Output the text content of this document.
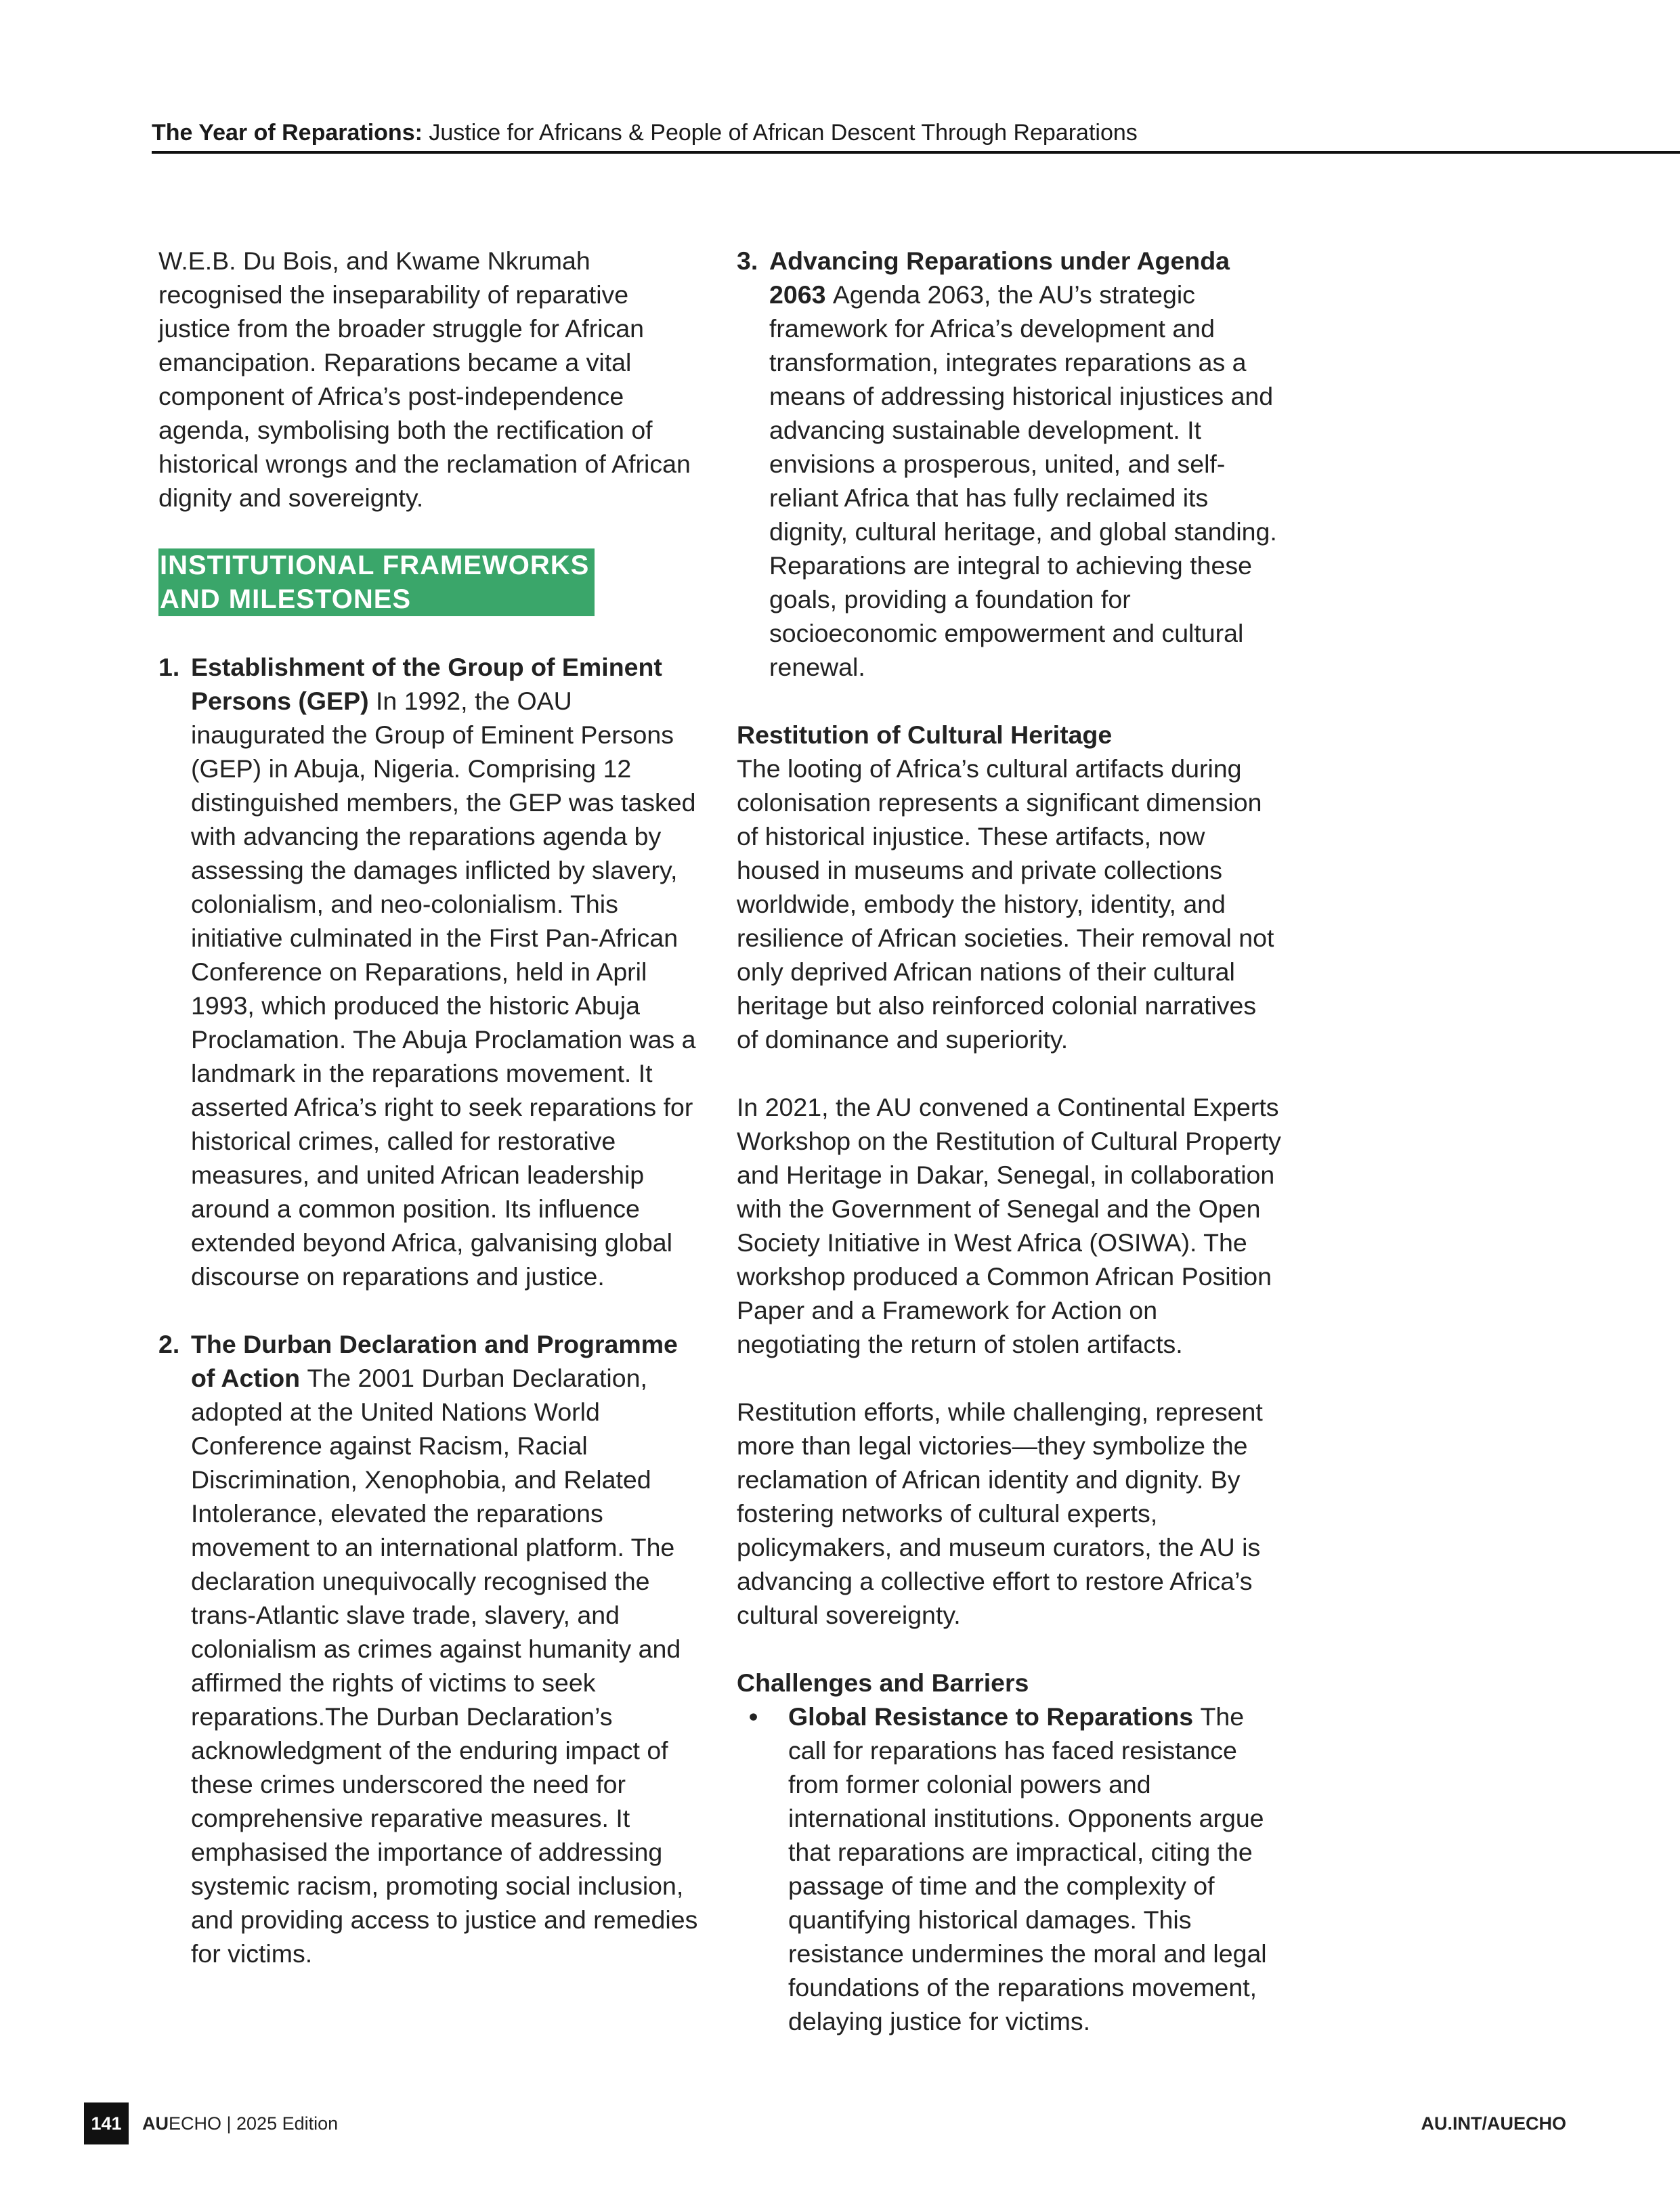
The Year of Reparations: Justice for Africans & People of African Descent Through Reparations

W.E.B. Du Bois, and Kwame Nkrumah recognised the inseparability of reparative justice from the broader struggle for African emancipation. Reparations became a vital component of Africa’s post-independence agenda, symbolising both the rectification of historical wrongs and the reclamation of African dignity and sovereignty.

INSTITUTIONAL FRAMEWORKS
AND MILESTONES
1. Establishment of the Group of Eminent Persons (GEP) In 1992, the OAU inaugurated the Group of Eminent Persons (GEP) in Abuja, Nigeria. Comprising 12 distinguished members, the GEP was tasked with advancing the reparations agenda by assessing the damages inflicted by slavery, colonialism, and neo-colonialism. This initiative culminated in the First Pan-African Conference on Reparations, held in April 1993, which produced the historic Abuja Proclamation. The Abuja Proclamation was a landmark in the reparations movement. It asserted Africa’s right to seek reparations for historical crimes, called for restorative measures, and united African leadership around a common position. Its influence extended beyond Africa, galvanising global discourse on reparations and justice.
2. The Durban Declaration and Programme of Action The 2001 Durban Declaration, adopted at the United Nations World Conference against Racism, Racial Discrimination, Xenophobia, and Related Intolerance, elevated the reparations movement to an international platform. The declaration unequivocally recognised the trans-Atlantic slave trade, slavery, and colonialism as crimes against humanity and affirmed the rights of victims to seek reparations.The Durban Declaration’s acknowledgment of the enduring impact of these crimes underscored the need for comprehensive reparative measures. It emphasised the importance of addressing systemic racism, promoting social inclusion, and providing access to justice and remedies for victims.
3. Advancing Reparations under Agenda 2063 Agenda 2063, the AU’s strategic framework for Africa’s development and transformation, integrates reparations as a means of addressing historical injustices and advancing sustainable development. It envisions a prosperous, united, and self-reliant Africa that has fully reclaimed its dignity, cultural heritage, and global standing. Reparations are integral to achieving these goals, providing a foundation for socioeconomic empowerment and cultural renewal.

Restitution of Cultural Heritage

The looting of Africa’s cultural artifacts during colonisation represents a significant dimension of historical injustice. These artifacts, now housed in museums and private collections worldwide, embody the history, identity, and resilience of African societies. Their removal not only deprived African nations of their cultural heritage but also reinforced colonial narratives of dominance and superiority.

In 2021, the AU convened a Continental Experts Workshop on the Restitution of Cultural Property and Heritage in Dakar, Senegal, in collaboration with the Government of Senegal and the Open Society Initiative in West Africa (OSIWA). The workshop produced a Common African Position Paper and a Framework for Action on negotiating the return of stolen artifacts.

Restitution efforts, while challenging, represent more than legal victories—they symbolize the reclamation of African identity and dignity. By fostering networks of cultural experts, policymakers, and museum curators, the AU is advancing a collective effort to restore Africa’s cultural sovereignty.

Challenges and Barriers

• Global Resistance to Reparations The call for reparations has faced resistance from former colonial powers and international institutions. Opponents argue that reparations are impractical, citing the passage of time and the complexity of quantifying historical damages. This resistance undermines the moral and legal foundations of the reparations movement, delaying justice for victims.
141	AUECHO | 2025 Edition	AU.INT/AUECHO
